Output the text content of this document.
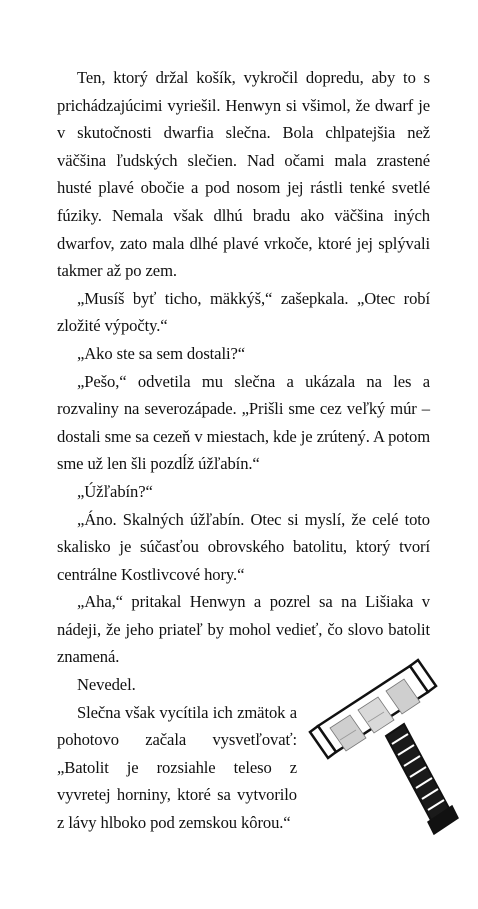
Ten, ktorý držal košík, vykročil dopredu, aby to s prichádzajúcimi vyriešil. Henwyn si všimol, že dwarf je v skutočnosti dwarfia slečna. Bola chlpatejšia než väčšina ľudských slečien. Nad očami mala zrastené husté plavé obočie a pod nosom jej rástli tenké svetlé fúziky. Nemala však dlhú bradu ako väčšina iných dwarfov, zato mala dlhé plavé vrkoče, ktoré jej splývali takmer až po zem.

„Musíš byť ticho, mäkkýš,“ zašepkala. „Otec robí zložité výpočty.“

„Ako ste sa sem dostali?“

„Pešo,“ odvetila mu slečna a ukázala na les a rozvaliny na severozápade. „Prišli sme cez veľký múr – dostali sme sa cezeň v miestach, kde je zrútený. A potom sme už len šli pozdĺž úžľabín.“

„Úžľabín?“

„Áno. Skalných úžľabín. Otec si myslí, že celé toto skalisko je súčasťou obrovského batolitu, ktorý tvorí centrálne Kostlivcové hory.“

„Aha,“ pritakal Henwyn a pozrel sa na Lišiaka v nádeji, že jeho priateľ by mohol vedieť, čo slovo batolit znamená.

Nevedel.

Slečna však vycítila ich zmätok a pohotovo začala vysvetľovať: „Batolit je rozsiahle teleso z vyvretej horniny, ktoré sa vytvorilo z lávy hlboko pod zemskou kôrou.“
